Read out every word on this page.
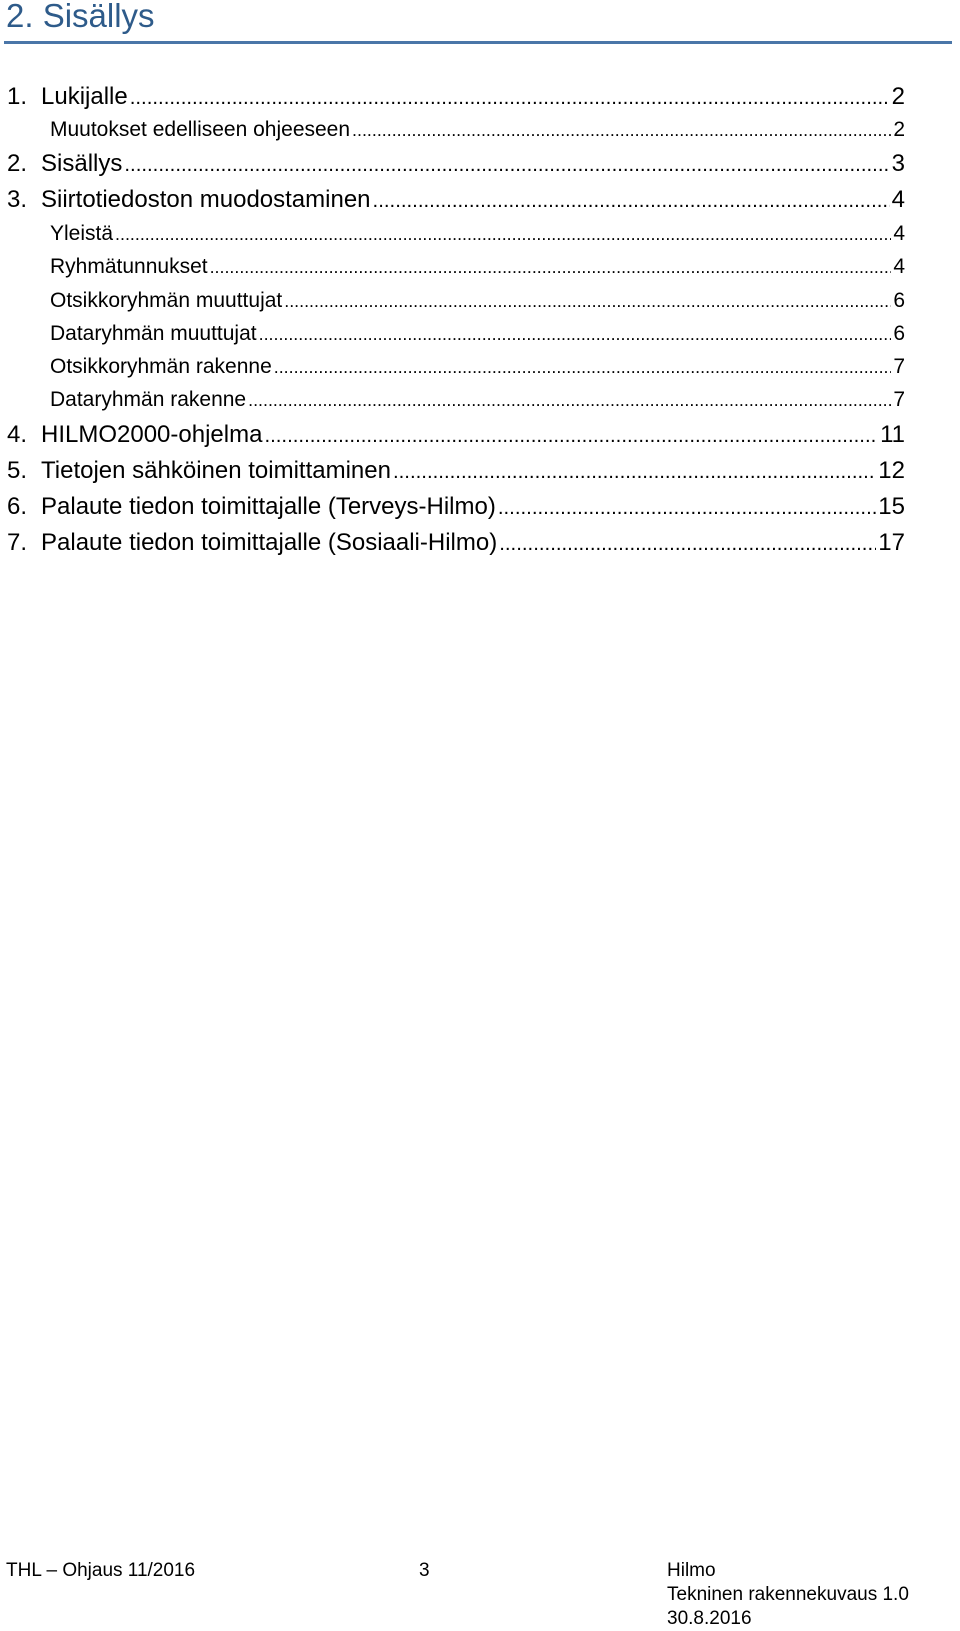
2. Sisällys
1. Lukijalle .....	2
Muutokset edelliseen ohjeeseen .....	2
2. Sisällys .....	3
3. Siirtotiedoston muodostaminen .....	4
Yleistä .....	4
Ryhmätunnukset .....	4
Otsikkoryhmän muuttujat .....	6
Dataryhmän muuttujat .....	6
Otsikkoryhmän rakenne .....	7
Dataryhmän rakenne .....	7
4. HILMO2000-ohjelma .....	11
5. Tietojen sähköinen toimittaminen .....	12
6. Palaute tiedon toimittajalle (Terveys-Hilmo) .....	15
7. Palaute tiedon toimittajalle (Sosiaali-Hilmo) .....	17
THL – Ohjaus 11/2016	3	Hilmo
Tekninen rakennekuvaus 1.0
30.8.2016
